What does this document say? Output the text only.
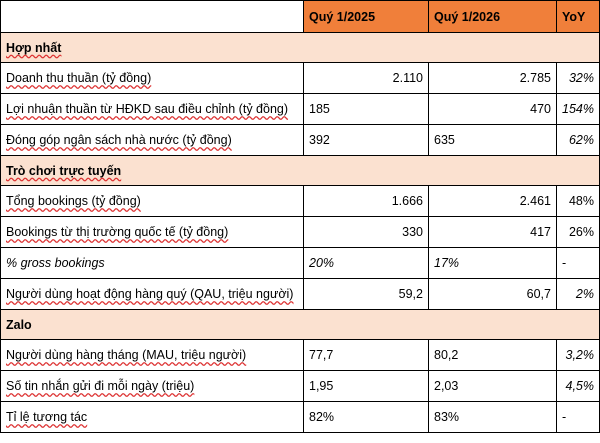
	Quý 1/2025	Quý 1/2026	YoY
Hợp nhất			
Doanh thu thuần (tỷ đồng)	2.110	2.785	32%
Lợi nhuận thuần từ HĐKD sau điều chỉnh (tỷ đồng)	185	470	154%
Đóng góp ngân sách nhà nước (tỷ đồng)	392	635	62%
Trò chơi trực tuyến			
Tổng bookings (tỷ đồng)	1.666	2.461	48%
Bookings từ thị trường quốc tế (tỷ đồng)	330	417	26%
% gross bookings	20%	17%	-
Người dùng hoạt động hàng quý (QAU, triệu người)	59,2	60,7	2%
Zalo			
Người dùng hàng tháng (MAU, triệu người)	77,7	80,2	3,2%
Số tin nhắn gửi đi mỗi ngày (triệu)	1,95	2,03	4,5%
Tỉ lệ tương tác	82%	83%	-
